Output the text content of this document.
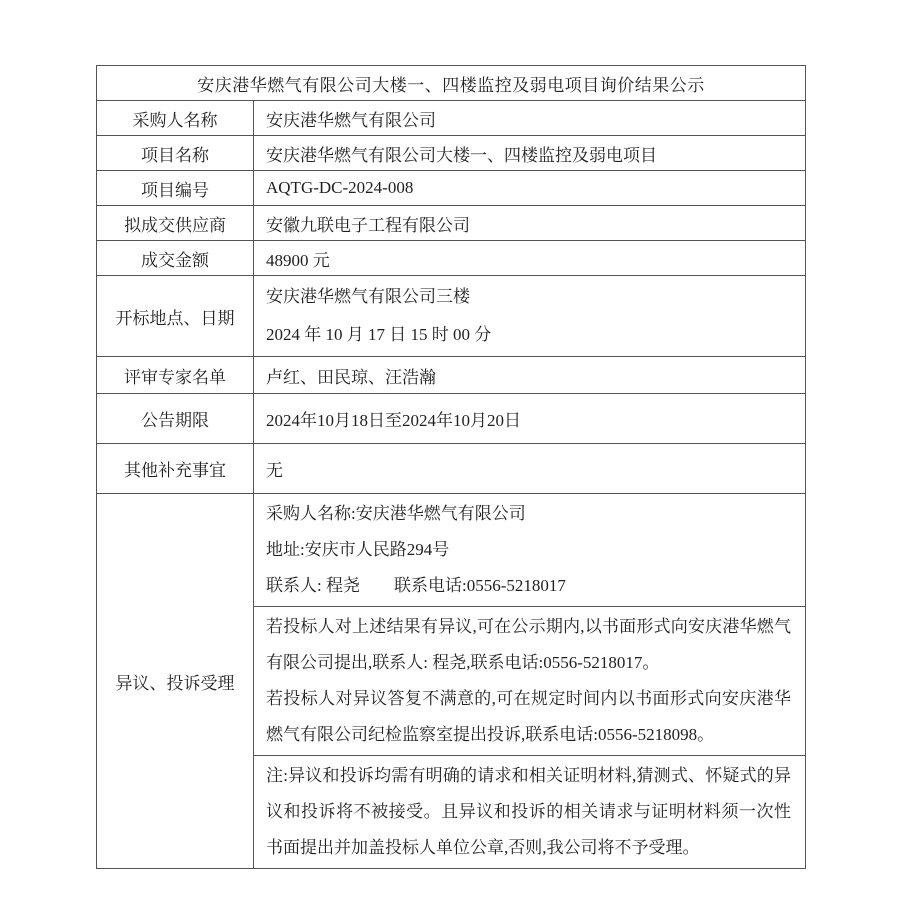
安庆港华燃气有限公司大楼一、四楼监控及弱电项目询价结果公示	
采购人名称	安庆港华燃气有限公司
项目名称	安庆港华燃气有限公司大楼一、四楼监控及弱电项目
项目编号	AQTG-DC-2024-008
拟成交供应商	安徽九联电子工程有限公司
成交金额	48900 元
开标地点、日期	安庆港华燃气有限公司三楼
2024 年 10 月 17 日 15 时 00 分

评审专家名单	卢红、田民琼、汪浩瀚
公告期限	2024年10月18日至2024年10月20日
其他补充事宜	无
异议、投诉受理	采购人名称:安庆港华燃气有限公司
地址:安庆市人民路294号
联系人: 程尧        联系电话:0556-5218017

	若投标人对上述结果有异议,可在公示期内,以书面形式向安庆港华燃气有限公司提出,联系人: 程尧,联系电话:0556-5218017。

若投标人对异议答复不满意的,可在规定时间内以书面形式向安庆港华燃气有限公司纪检监察室提出投诉,联系电话:0556-5218098。

	注:异议和投诉均需有明确的请求和相关证明材料,猜测式、怀疑式的异议和投诉将不被接受。且异议和投诉的相关请求与证明材料须一次性书面提出并加盖投标人单位公章,否则,我公司将不予受理。
